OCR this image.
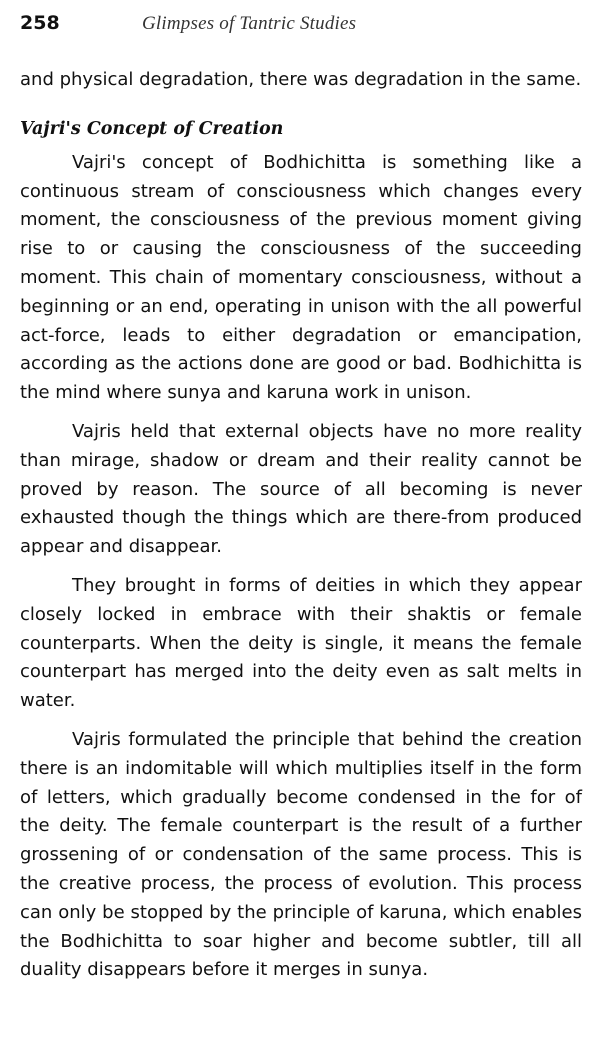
258	Glimpses of Tantric Studies

and physical degradation, there was degradation in the same.

Vajri's Concept of Creation

Vajri's concept of Bodhichitta is something like a continuous stream of consciousness which changes every moment, the consciousness of the previous moment giving rise to or causing the consciousness of the succeeding moment. This chain of momentary consciousness, without a beginning or an end, operating in unison with the all powerful act-force, leads to either degradation or emancipation, according as the actions done are good or bad. Bodhichitta is the mind where sunya and karuna work in unison.

Vajris held that external objects have no more reality than mirage, shadow or dream and their reality cannot be proved by reason. The source of all becoming is never exhausted though the things which are there-from produced appear and disappear.

They brought in forms of deities in which they appear closely locked in embrace with their shaktis or female counterparts. When the deity is single, it means the female counterpart has merged into the deity even as salt melts in water.

Vajris formulated the principle that behind the creation there is an indomitable will which multiplies itself in the form of letters, which gradually become condensed in the for of the deity. The female counterpart is the result of a further grossening of or condensation of the same process. This is the creative process, the process of evolution. This process can only be stopped by the principle of karuna, which enables the Bodhichitta to soar higher and become subtler, till all duality disappears before it merges in sunya.
